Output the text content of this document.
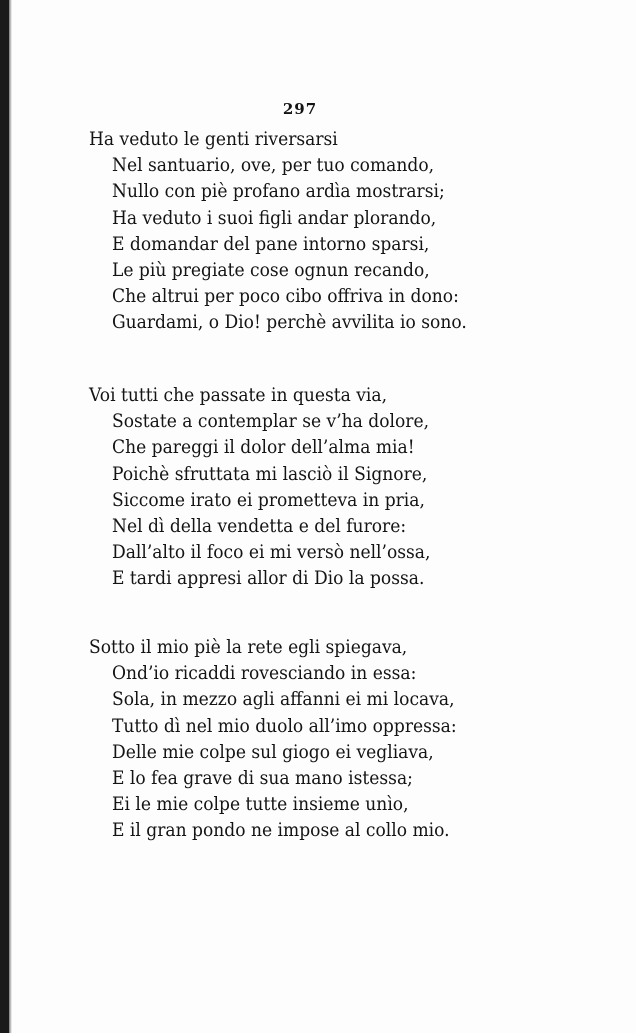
297
Ha veduto le genti riversarsi
Nel santuario, ove, per tuo comando,
Nullo con piè profano ardìa mostrarsi;
Ha veduto i suoi figli andar plorando,
E domandar del pane intorno sparsi,
Le più pregiate cose ognun recando,
Che altrui per poco cibo offriva in dono:
Guardami, o Dio! perchè avvilita io sono.
Voi tutti che passate in questa via,
Sostate a contemplar se v’ha dolore,
Che pareggi il dolor dell’alma mia!
Poichè sfruttata mi lasciò il Signore,
Siccome irato ei prometteva in pria,
Nel dì della vendetta e del furore:
Dall’alto il foco ei mi versò nell’ossa,
E tardi appresi allor di Dio la possa.
Sotto il mio piè la rete egli spiegava,
Ond’io ricaddi rovesciando in essa:
Sola, in mezzo agli affanni ei mi locava,
Tutto dì nel mio duolo all’imo oppressa:
Delle mie colpe sul giogo ei vegliava,
E lo fea grave di sua mano istessa;
Ei le mie colpe tutte insieme unìo,
E il gran pondo ne impose al collo mio.
